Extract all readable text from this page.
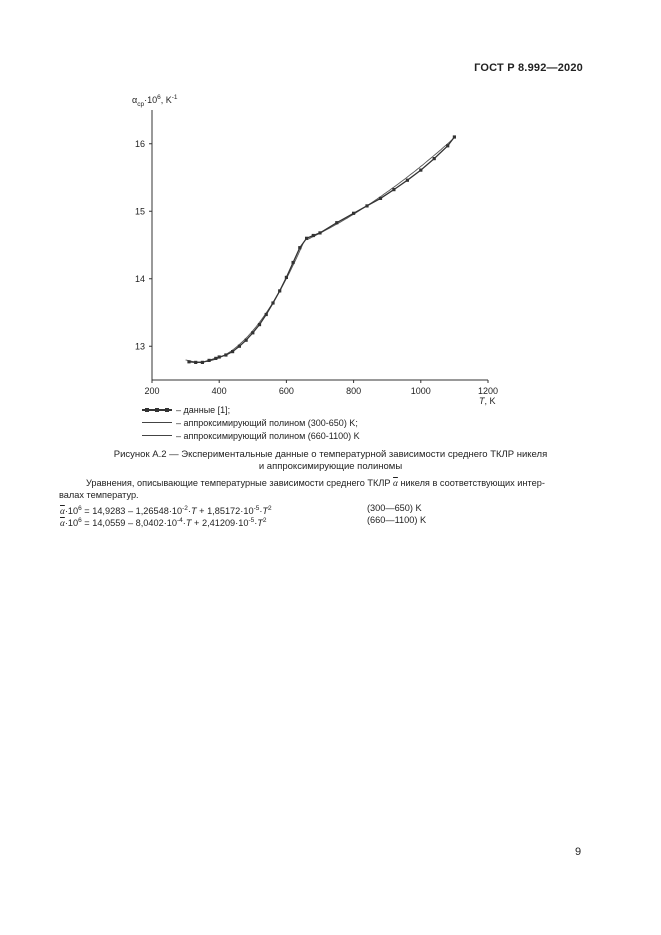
ГОСТ Р 8.992—2020
200	400	600	800	1000	1200
13
14
15
16
$\alpha_{ср}\cdot 10^6$, $K^{-1}$
T, K
– данные [1];
– аппроксимирующий полином (300-650) K;
– аппроксимирующий полином (660-1100) K
Рисунок А.2 — Экспериментальные данные о температурной зависимости среднего ТКЛР никеля
и аппроксимирующие полиномы
Уравнения, описывающие температурные зависимости среднего ТКЛР $\overline{\alpha}$ никеля в соответствующих интер-
валах температур.
$\overline{\alpha}\cdot 10^6 = 14,9283 - 1,26548\cdot 10^{-2}\cdot T + 1,85172\cdot 10^{-5}\cdot T^2$	(300—650) K
$\overline{\alpha}\cdot 10^6 = 14,0559 - 8,0402\cdot 10^{-4}\cdot T + 2,41209\cdot 10^{-5}\cdot T^2$	(660—1100) K
9
